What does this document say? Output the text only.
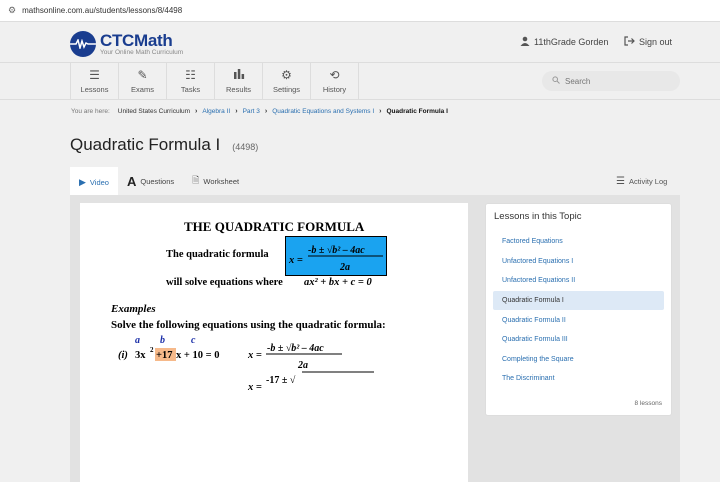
⚙ mathsonline.com.au/students/lessons/8/4498
CTCMath
Your Online Math Curriculum
11thGrade Gorden	Sign out
☰
Lessons
✎
Exams
☷
Tasks	Results
⚙
Settings
⟲
History
Search
You are here: United States Curriculum › Algebra II › Part 3 › Quadratic Equations and Systems I › Quadratic Formula I
Quadratic Formula I (4498)
▶ Video A Questions 🗎 Worksheet	☰ Activity Log
THE QUADRATIC FORMULA
The quadratic formula
x =
-b ± √b² – 4ac
2a
a b	c
(i) 3x 2 +17 x + 10 = 0	x =
-b ± √b² – 4ac
2a
x =
-17 ± √
will solve equations where ax² + bx + c = 0
Examples
Solve the following equations using the quadratic formula:
Lessons in this Topic
Factored Equations
Unfactored Equations I
Unfactored Equations II
Quadratic Formula I
Quadratic Formula II
Quadratic Formula III
Completing the Square
The Discriminant
8 lessons
